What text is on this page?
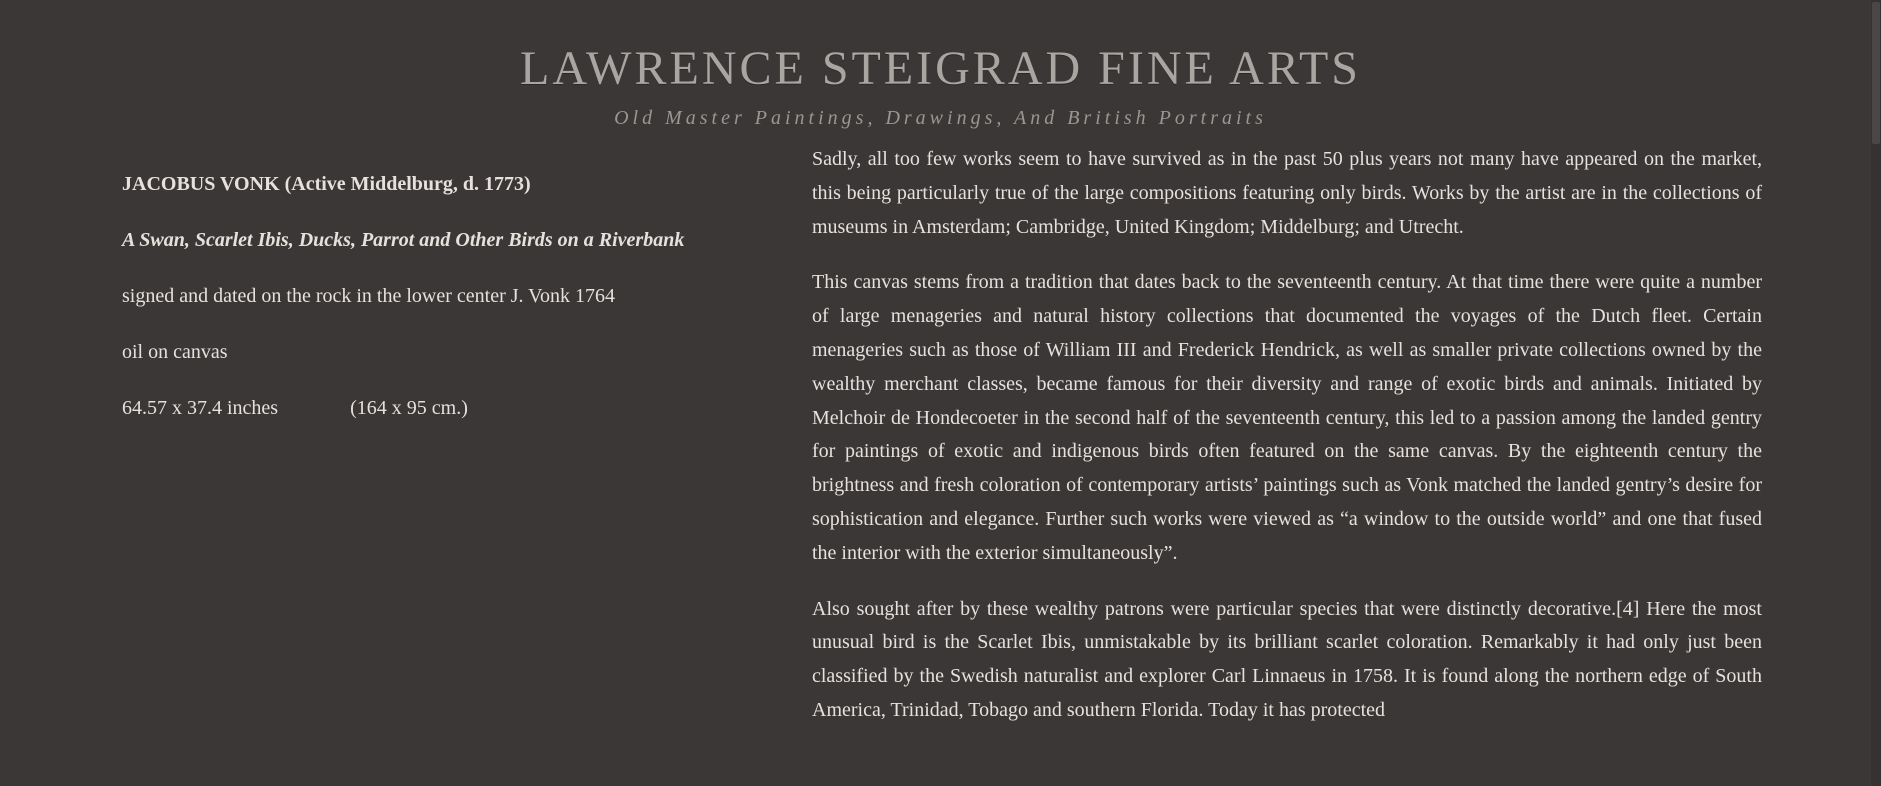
LAWRENCE STEIGRAD FINE ARTS

Old Master Paintings, Drawings, And British Portraits

JACOBUS VONK (Active Middelburg, d. 1773)

A Swan, Scarlet Ibis, Ducks, Parrot and Other Birds on a Riverbank

signed and dated on the rock in the lower center J. Vonk 1764

oil on canvas

64.57 x 37.4 inches	(164 x 95 cm.)

Sadly, all too few works seem to have survived as in the past 50 plus years not many have appeared on the market, this being particularly true of the large compositions featuring only birds. Works by the artist are in the collections of museums in Amsterdam; Cambridge, United Kingdom; Middelburg; and Utrecht.

This canvas stems from a tradition that dates back to the seventeenth century. At that time there were quite a number of large menageries and natural history collections that documented the voyages of the Dutch fleet. Certain menageries such as those of William III and Frederick Hendrick, as well as smaller private collections owned by the wealthy merchant classes, became famous for their diversity and range of exotic birds and animals. Initiated by Melchoir de Hondecoeter in the second half of the seventeenth century, this led to a passion among the landed gentry for paintings of exotic and indigenous birds often featured on the same canvas. By the eighteenth century the brightness and fresh coloration of contemporary artists’ paintings such as Vonk matched the landed gentry’s desire for sophistication and elegance. Further such works were viewed as “a window to the outside world” and one that fused the interior with the exterior simultaneously”.

Also sought after by these wealthy patrons were particular species that were distinctly decorative.[4] Here the most unusual bird is the Scarlet Ibis, unmistakable by its brilliant scarlet coloration. Remarkably it had only just been classified by the Swedish naturalist and explorer Carl Linnaeus in 1758. It is found along the northern edge of South America, Trinidad, Tobago and southern Florida. Today it has protected
